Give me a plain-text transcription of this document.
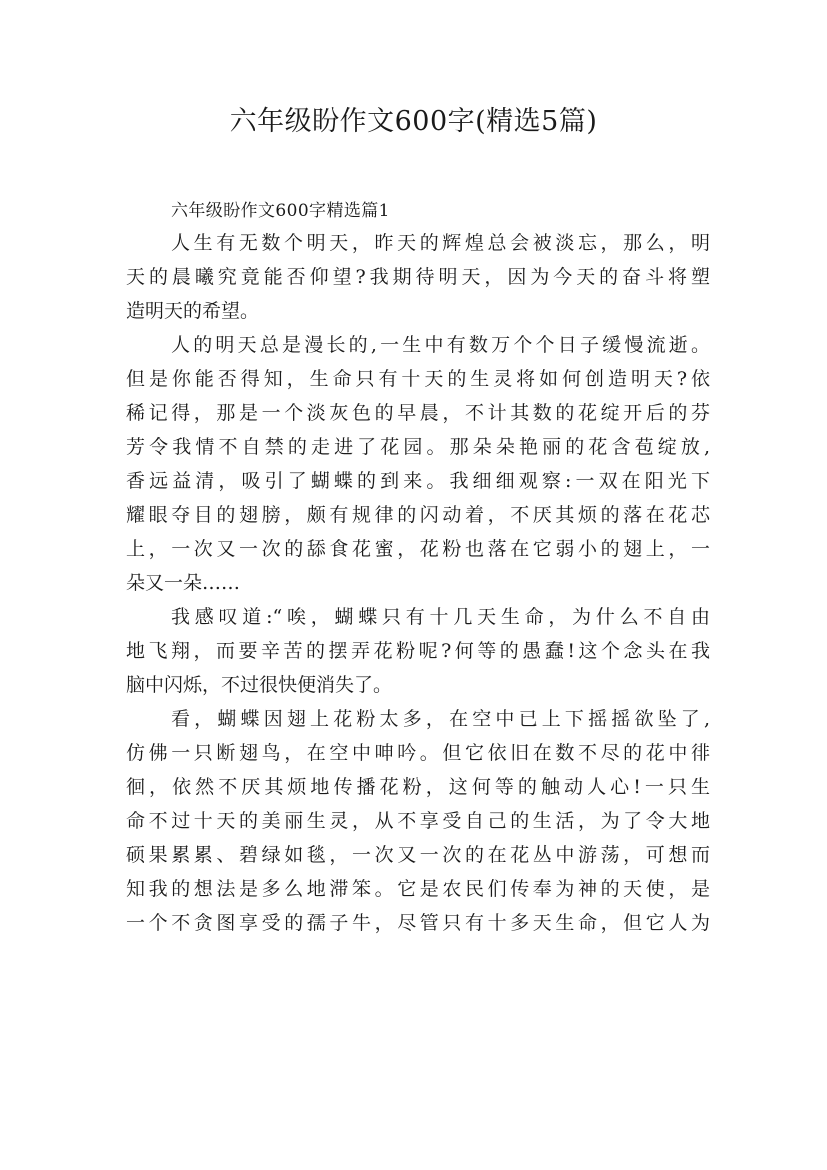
六年级盼作文600字(精选5篇)

六年级盼作文600字精选篇1

人生有无数个明天，昨天的辉煌总会被淡忘，那么，明
天的晨曦究竟能否仰望?我期待明天，因为今天的奋斗将塑
造明天的希望。

人的明天总是漫长的,一生中有数万个个日子缓慢流逝。
但是你能否得知，生命只有十天的生灵将如何创造明天?依
稀记得，那是一个淡灰色的早晨，不计其数的花绽开后的芬
芳令我情不自禁的走进了花园。那朵朵艳丽的花含苞绽放,
香远益清，吸引了蝴蝶的到来。我细细观察:一双在阳光下
耀眼夺目的翅膀，颇有规律的闪动着，不厌其烦的落在花芯
上，一次又一次的舔食花蜜，花粉也落在它弱小的翅上，一
朵又一朵……

我感叹道:“唉，蝴蝶只有十几天生命，为什么不自由
地飞翔，而要辛苦的摆弄花粉呢?何等的愚蠢!这个念头在我
脑中闪烁，不过很快便消失了。

看，蝴蝶因翅上花粉太多，在空中已上下摇摇欲坠了,
仿佛一只断翅鸟，在空中呻吟。但它依旧在数不尽的花中徘
徊，依然不厌其烦地传播花粉，这何等的触动人心!一只生
命不过十天的美丽生灵，从不享受自己的生活，为了令大地
硕果累累、碧绿如毯，一次又一次的在花丛中游荡，可想而
知我的想法是多么地滞笨。它是农民们传奉为神的天使，是
一个不贪图享受的孺子牛，尽管只有十多天生命，但它人为
